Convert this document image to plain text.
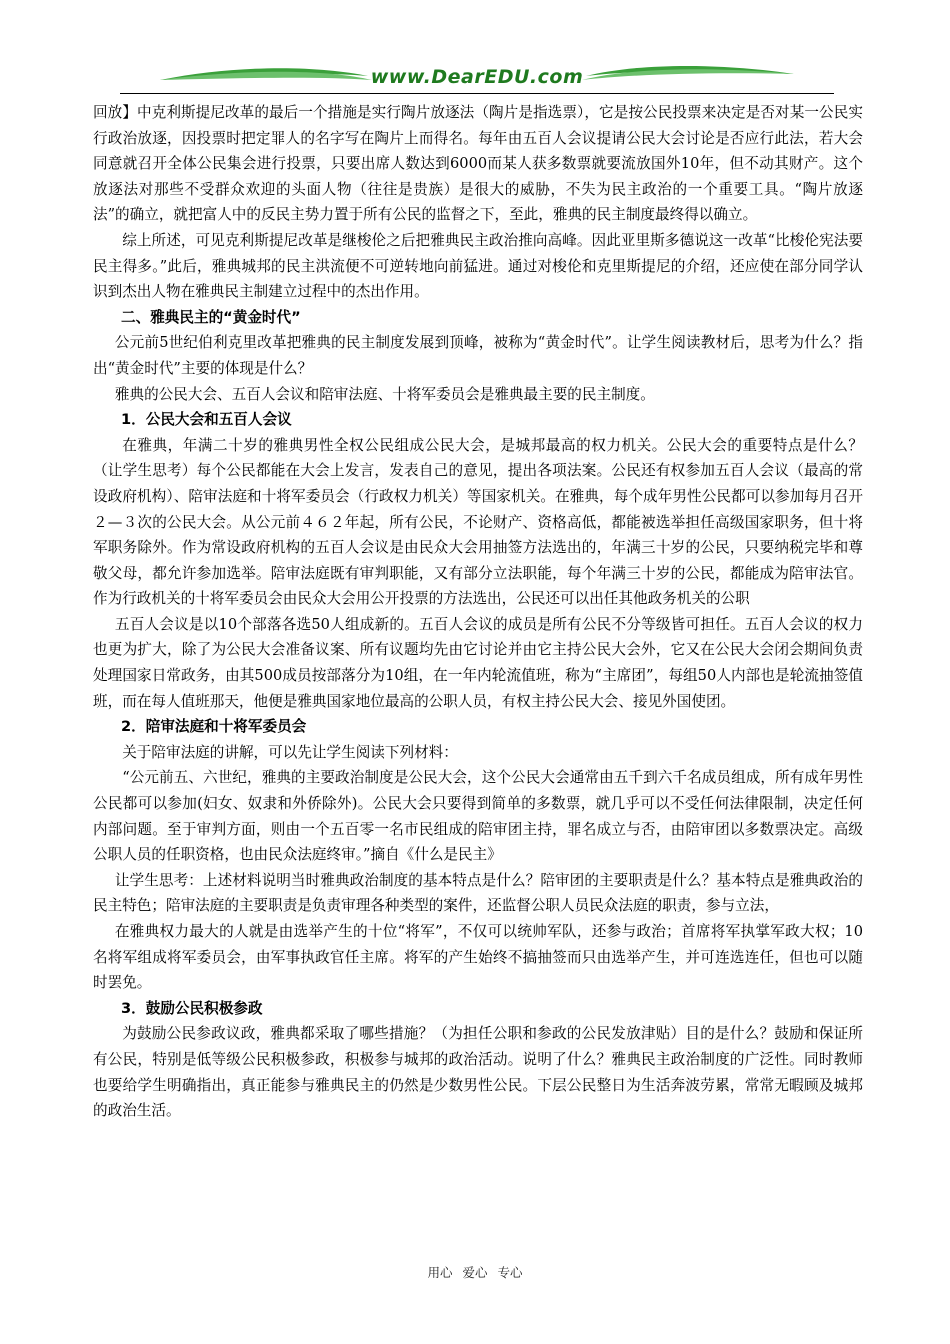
www.DearEDU.com

回放】中克利斯提尼改革的最后一个措施是实行陶片放逐法（陶片是指选票），它是按公民投票来决定是否对某一公民实行政治放逐，因投票时把定罪人的名字写在陶片上而得名。每年由五百人会议提请公民大会讨论是否应行此法，若大会同意就召开全体公民集会进行投票，只要出席人数达到6000而某人获多数票就要流放国外10年，但不动其财产。这个放逐法对那些不受群众欢迎的头面人物（往往是贵族）是很大的威胁，不失为民主政治的一个重要工具。“陶片放逐法”的确立，就把富人中的反民主势力置于所有公民的监督之下，至此，雅典的民主制度最终得以确立。

综上所述，可见克利斯提尼改革是继梭伦之后把雅典民主政治推向高峰。因此亚里斯多德说这一改革“比梭伦宪法要民主得多。”此后，雅典城邦的民主洪流便不可逆转地向前猛进。通过对梭伦和克里斯提尼的介绍，还应使在部分同学认识到杰出人物在雅典民主制建立过程中的杰出作用。

二、雅典民主的“黄金时代”

公元前5世纪伯利克里改革把雅典的民主制度发展到顶峰，被称为“黄金时代”。让学生阅读教材后，思考为什么？指出“黄金时代”主要的体现是什么？

雅典的公民大会、五百人会议和陪审法庭、十将军委员会是雅典最主要的民主制度。

1．公民大会和五百人会议

在雅典，年满二十岁的雅典男性全权公民组成公民大会，是城邦最高的权力机关。公民大会的重要特点是什么？（让学生思考）每个公民都能在大会上发言，发表自己的意见，提出各项法案。公民还有权参加五百人会议（最高的常设政府机构）、陪审法庭和十将军委员会（行政权力机关）等国家机关。在雅典，每个成年男性公民都可以参加每月召开２—３次的公民大会。从公元前４６２年起，所有公民，不论财产、资格高低，都能被选举担任高级国家职务，但十将军职务除外。作为常设政府机构的五百人会议是由民众大会用抽签方法选出的，年满三十岁的公民，只要纳税完毕和尊敬父母，都允许参加选举。陪审法庭既有审判职能，又有部分立法职能，每个年满三十岁的公民，都能成为陪审法官。作为行政机关的十将军委员会由民众大会用公开投票的方法选出，公民还可以出任其他政务机关的公职

五百人会议是以10个部落各选50人组成新的。五百人会议的成员是所有公民不分等级皆可担任。五百人会议的权力也更为扩大，除了为公民大会准备议案、所有议题均先由它讨论并由它主持公民大会外，它又在公民大会闭会期间负责处理国家日常政务，由其500成员按部落分为10组，在一年内轮流值班，称为“主席团”，每组50人内部也是轮流抽签值班，而在每人值班那天，他便是雅典国家地位最高的公职人员，有权主持公民大会、接见外国使团。

2．陪审法庭和十将军委员会

关于陪审法庭的讲解，可以先让学生阅读下列材料：

“公元前五、六世纪，雅典的主要政治制度是公民大会，这个公民大会通常由五千到六千名成员组成，所有成年男性公民都可以参加(妇女、奴隶和外侨除外)。公民大会只要得到简单的多数票，就几乎可以不受任何法律限制，决定任何内部问题。至于审判方面，则由一个五百零一名市民组成的陪审团主持，罪名成立与否，由陪审团以多数票决定。高级公职人员的任职资格，也由民众法庭终审。”摘自《什么是民主》

让学生思考：上述材料说明当时雅典政治制度的基本特点是什么？陪审团的主要职责是什么？基本特点是雅典政治的民主特色；陪审法庭的主要职责是负责审理各种类型的案件，还监督公职人员民众法庭的职责，参与立法，

在雅典权力最大的人就是由选举产生的十位“将军”，不仅可以统帅军队，还参与政治；首席将军执掌军政大权；10名将军组成将军委员会，由军事执政官任主席。将军的产生始终不搞抽签而只由选举产生，并可连选连任，但也可以随时罢免。

3．鼓励公民积极参政

为鼓励公民参政议政，雅典都采取了哪些措施？（为担任公职和参政的公民发放津贴）目的是什么？鼓励和保证所有公民，特别是低等级公民积极参政，积极参与城邦的政治活动。说明了什么？雅典民主政治制度的广泛性。同时教师也要给学生明确指出，真正能参与雅典民主的仍然是少数男性公民。下层公民整日为生活奔波劳累，常常无暇顾及城邦的政治生活。

用心 爱心 专心
